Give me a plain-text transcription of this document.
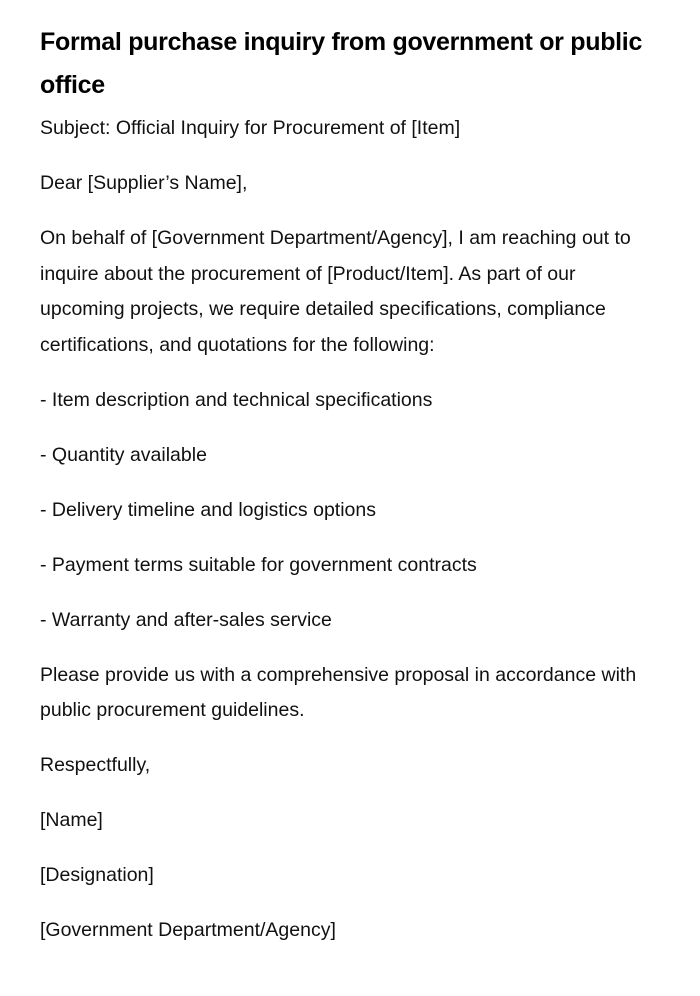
Formal purchase inquiry from government or public office

Subject: Official Inquiry for Procurement of [Item]

Dear [Supplier’s Name],

On behalf of [Government Department/Agency], I am reaching out to inquire about the procurement of [Product/Item]. As part of our upcoming projects, we require detailed specifications, compliance certifications, and quotations for the following:

- Item description and technical specifications

- Quantity available

- Delivery timeline and logistics options

- Payment terms suitable for government contracts

- Warranty and after-sales service

Please provide us with a comprehensive proposal in accordance with public procurement guidelines.

Respectfully,

[Name]

[Designation]

[Government Department/Agency]
